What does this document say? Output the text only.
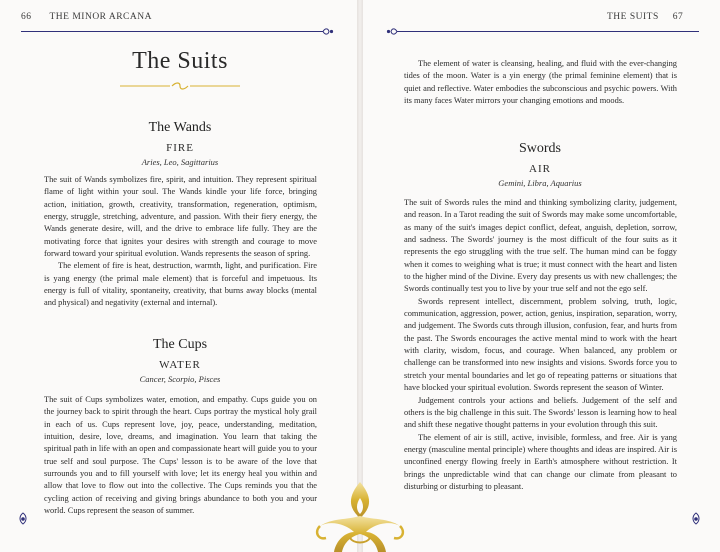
66 THE MINOR ARCANA	THE SUITS 67
The Suits
The Wands
FIRE
Aries, Leo, Sagittarius

The suit of Wands symbolizes fire, spirit, and intuition. They represent spiritual flame of light within your soul. The Wands kindle your life force, bringing action, initiation, growth, creativity, transformation, regeneration, optimism, energy, struggle, stretching, adventure, and passion. With their fiery energy, the Wands generate desire, will, and the drive to embrace life fully. They are the motivating force that ignites your desires with strength and courage to move forward toward your spiritual evolution. Wands represents the season of spring.

The element of fire is heat, destruction, warmth, light, and purification. Fire is yang energy (the primal male element) that is forceful and impetuous. Its energy is full of vitality, spontaneity, creativity, that burns away blocks (mental and physical) and negativity (external and internal).

The Cups
WATER
Cancer, Scorpio, Pisces

The suit of Cups symbolizes water, emotion, and empathy. Cups guide you on the journey back to spirit through the heart. Cups portray the mystical holy grail in each of us. Cups represent love, joy, peace, understanding, meditation, intuition, desire, love, dreams, and imagination. You learn that taking the spiritual path in life with an open and compassionate heart will guide you to your true self and soul purpose. The Cups' lesson is to be aware of the love that surrounds you and to fill yourself with love; let its energy heal you within and allow that love to flow out into the collective. The Cups reminds you that the cycling action of receiving and giving brings abundance to both you and your world. Cups represent the season of summer.

The element of water is cleansing, healing, and fluid with the ever-changing tides of the moon. Water is a yin energy (the primal feminine element) that is quiet and reflective. Water embodies the subconscious and psychic powers. With its many faces Water mirrors your changing emotions and moods.

Swords
AIR
Gemini, Libra, Aquarius

The suit of Swords rules the mind and thinking symbolizing clarity, judgement, and reason. In a Tarot reading the suit of Swords may make some uncomfortable, as many of the suit's images depict conflict, defeat, anguish, depletion, sorrow, and sadness. The Swords' journey is the most difficult of the four suits as it represents the ego struggling with the true self. The human mind can be foggy when it comes to weighing what is true; it must connect with the heart and listen to the higher mind of the Divine. Every day presents us with new challenges; the Swords continually test you to live by your true self and not the ego self.

Swords represent intellect, discernment, problem solving, truth, logic, communication, aggression, power, action, genius, inspiration, separation, worry, and judgement. The Swords cuts through illusion, confusion, fear, and hurts from the past. The Swords encourages the active mental mind to work with the heart with clarity, wisdom, focus, and courage. When balanced, any problem or challenge can be transformed into new insights and visions. Swords force you to stretch your mental boundaries and let go of repeating patterns or situations that have blocked your spiritual evolution. Swords represent the season of Winter.

Judgement controls your actions and beliefs. Judgement of the self and others is the big challenge in this suit. The Swords' lesson is learning how to heal and shift these negative thought patterns in your evolution through this suit.

The element of air is still, active, invisible, formless, and free. Air is yang energy (masculine mental principle) where thoughts and ideas are inspired. Air is unconfined energy flowing freely in Earth's atmosphere without restriction. It brings the unpredictable wind that can change our climate from pleasant to disturbing or disturbing to pleasant.
